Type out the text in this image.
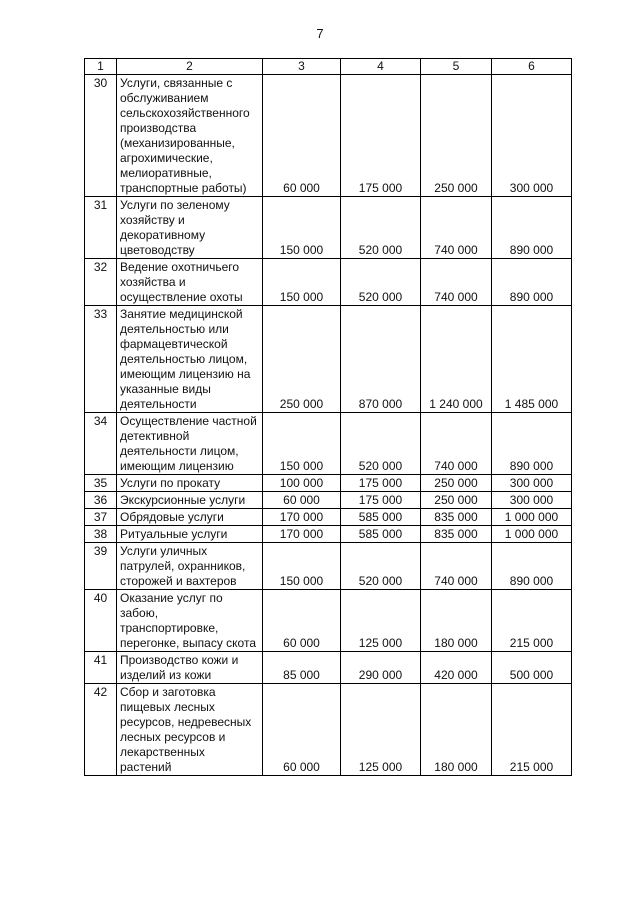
7
1	2	3	4	5	6
30	Услуги, связанные с обслуживанием сельскохозяйственного производства (механизированные, агрохимические, мелиоративные, транспортные работы)	60 000	175 000	250 000	300 000
31	Услуги по зеленому хозяйству и декоративному цветоводству	150 000	520 000	740 000	890 000
32	Ведение охотничьего хозяйства и осуществление охоты	150 000	520 000	740 000	890 000
33	Занятие медицинской деятельностью или фармацевтической деятельностью лицом, имеющим лицензию на указанные виды деятельности	250 000	870 000	1 240 000	1 485 000
34	Осуществление частной детективной деятельности лицом, имеющим лицензию	150 000	520 000	740 000	890 000
35	Услуги по прокату	100 000	175 000	250 000	300 000
36	Экскурсионные услуги	60 000	175 000	250 000	300 000
37	Обрядовые услуги	170 000	585 000	835 000	1 000 000
38	Ритуальные услуги	170 000	585 000	835 000	1 000 000
39	Услуги уличных патрулей, охранников, сторожей и вахтеров	150 000	520 000	740 000	890 000
40	Оказание услуг по забою, транспортировке, перегонке, выпасу скота	60 000	125 000	180 000	215 000
41	Производство кожи и изделий из кожи	85 000	290 000	420 000	500 000
42	Сбор и заготовка пищевых лесных ресурсов, недревесных лесных ресурсов и лекарственных растений	60 000	125 000	180 000	215 000
